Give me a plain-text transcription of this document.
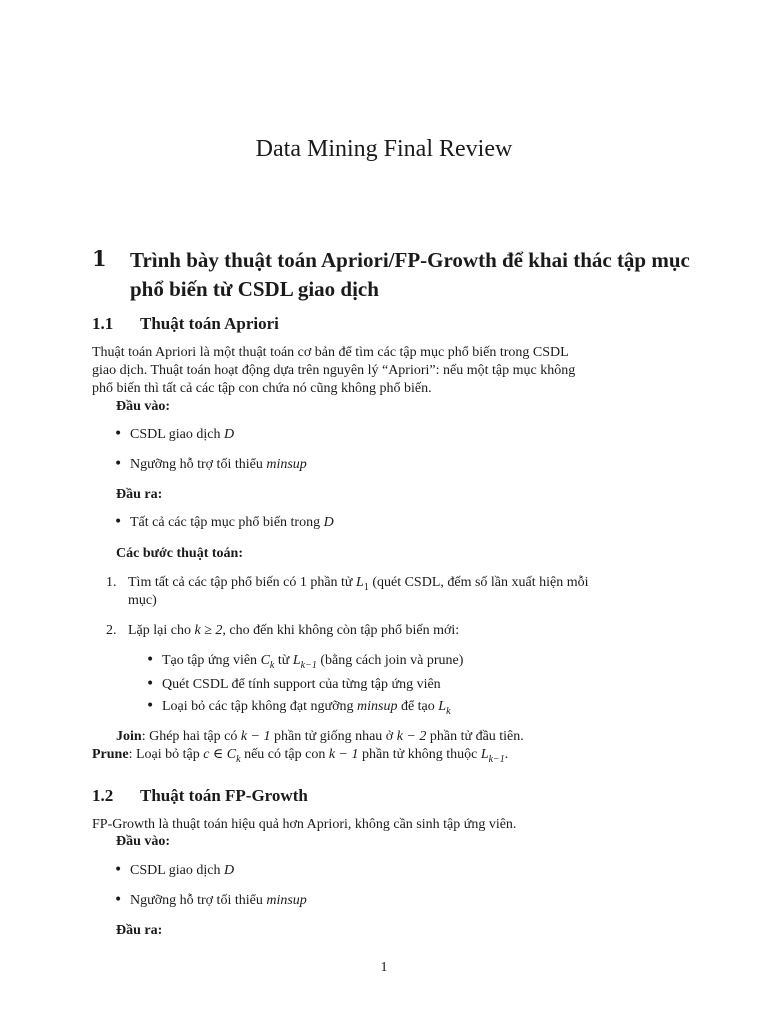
Data Mining Final Review
1 Trình bày thuật toán Apriori/FP-Growth để khai thác tập mục phổ biến từ CSDL giao dịch
1.1 Thuật toán Apriori
Thuật toán Apriori là một thuật toán cơ bản để tìm các tập mục phổ biến trong CSDL
giao dịch. Thuật toán hoạt động dựa trên nguyên lý “Apriori”: nếu một tập mục không
phổ biến thì tất cả các tập con chứa nó cũng không phổ biến.
Đầu vào:
• CSDL giao dịch D
• Ngưỡng hỗ trợ tối thiểu minsup
Đầu ra:
• Tất cả các tập mục phổ biến trong D
Các bước thuật toán:
1. Tìm tất cả các tập phổ biến có 1 phần tử $L_1$ (quét CSDL, đếm số lần xuất hiện mỗi
mục)
2. Lặp lại cho k ≥ 2, cho đến khi không còn tập phổ biến mới:
• Tạo tập ứng viên $C_k$ từ $L_{k-1}$ (bằng cách join và prune)
• Quét CSDL để tính support của từng tập ứng viên
• Loại bỏ các tập không đạt ngưỡng minsup để tạo $L_k$
Join: Ghép hai tập có k − 1 phần tử giống nhau ở k − 2 phần tử đầu tiên.
Prune: Loại bỏ tập c ∈ $C_k$ nếu có tập con k − 1 phần tử không thuộc $L_{k-1}$.
1.2 Thuật toán FP-Growth
FP-Growth là thuật toán hiệu quả hơn Apriori, không cần sinh tập ứng viên.
Đầu vào:
• CSDL giao dịch D
• Ngưỡng hỗ trợ tối thiểu minsup
Đầu ra:
1
